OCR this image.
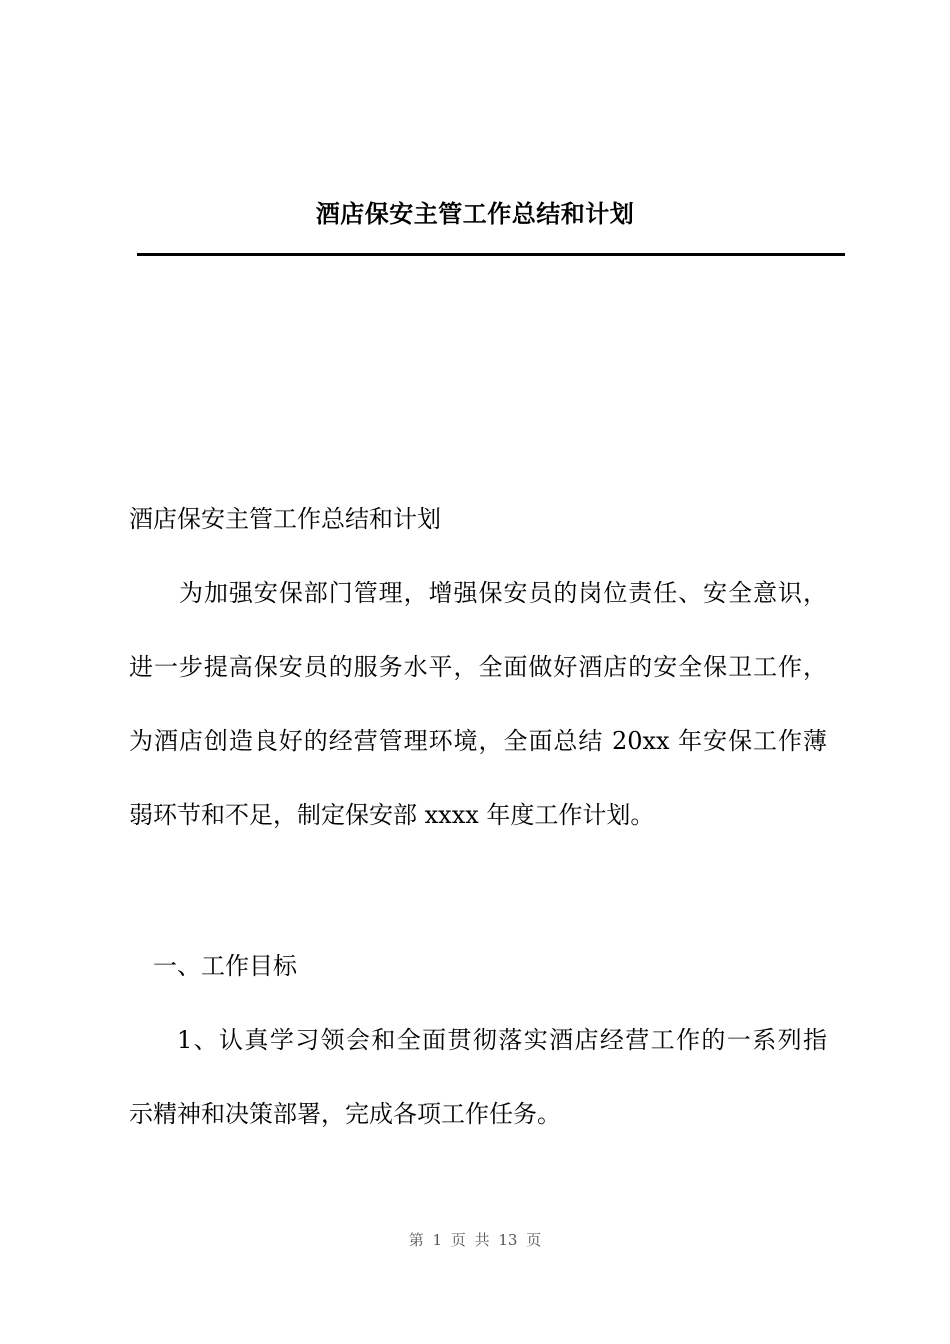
酒店保安主管工作总结和计划
酒店保安主管工作总结和计划
为加强安保部门管理，增强保安员的岗位责任、安全意识，
进一步提高保安员的服务水平，全面做好酒店的安全保卫工作，
为酒店创造良好的经营管理环境，全面总结 20xx 年安保工作薄
弱环节和不足，制定保安部 xxxx 年度工作计划。
一、工作目标
1、认真学习领会和全面贯彻落实酒店经营工作的一系列指
示精神和决策部署，完成各项工作任务。
第 1 页 共 13 页
